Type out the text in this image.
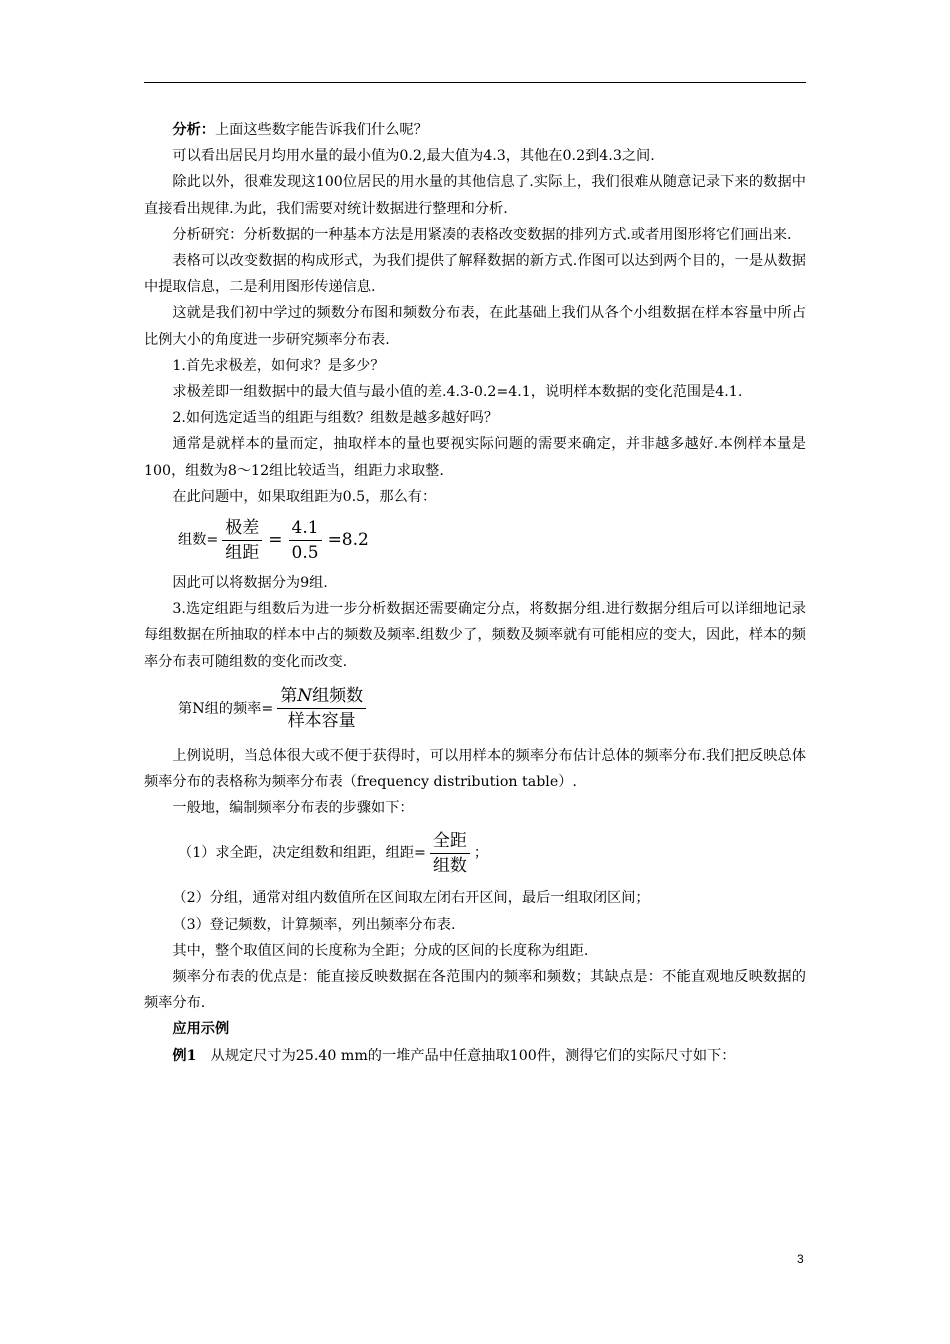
分析：上面这些数字能告诉我们什么呢？

可以看出居民月均用水量的最小值为0.2,最大值为4.3，其他在0.2到4.3之间.

除此以外，很难发现这100位居民的用水量的其他信息了.实际上，我们很难从随意记录下来的数据中直接看出规律.为此，我们需要对统计数据进行整理和分析.

分析研究：分析数据的一种基本方法是用紧凑的表格改变数据的排列方式.或者用图形将它们画出来.

表格可以改变数据的构成形式，为我们提供了解释数据的新方式.作图可以达到两个目的，一是从数据中提取信息，二是利用图形传递信息.

这就是我们初中学过的频数分布图和频数分布表，在此基础上我们从各个小组数据在样本容量中所占比例大小的角度进一步研究频率分布表.

1.首先求极差，如何求？是多少？

求极差即一组数据中的最大值与最小值的差.4.3-0.2=4.1，说明样本数据的变化范围是4.1.

2.如何选定适当的组距与组数？组数是越多越好吗？

通常是就样本的量而定，抽取样本的量也要视实际问题的需要来确定，并非越多越好.本例样本量是100，组数为8～12组比较适当，组距力求取整.

在此问题中，如果取组距为0.5，那么有：

组数= $\frac{\text{极差}}{\text{组距}} = \frac{4.1}{0.5} =8.2$

因此可以将数据分为9组.

3.选定组距与组数后为进一步分析数据还需要确定分点，将数据分组.进行数据分组后可以详细地记录每组数据在所抽取的样本中占的频数及频率.组数少了，频数及频率就有可能相应的变大，因此，样本的频率分布表可随组数的变化而改变.

第N组的频率= $\frac{\text{第N组频数}}{\text{样本容量}}$

上例说明，当总体很大或不便于获得时，可以用样本的频率分布估计总体的频率分布.我们把反映总体频率分布的表格称为频率分布表（frequency distribution table）.

一般地，编制频率分布表的步骤如下：

（1）求全距，决定组数和组距，组距= $\frac{\text{全距}}{\text{组数}}$ ；

（2）分组，通常对组内数值所在区间取左闭右开区间，最后一组取闭区间；

（3）登记频数，计算频率，列出频率分布表.

其中，整个取值区间的长度称为全距；分成的区间的长度称为组距.

频率分布表的优点是：能直接反映数据在各范围内的频率和频数；其缺点是：不能直观地反映数据的频率分布.

应用示例

例1　从规定尺寸为25.40 mm的一堆产品中任意抽取100件，测得它们的实际尺寸如下：

3
